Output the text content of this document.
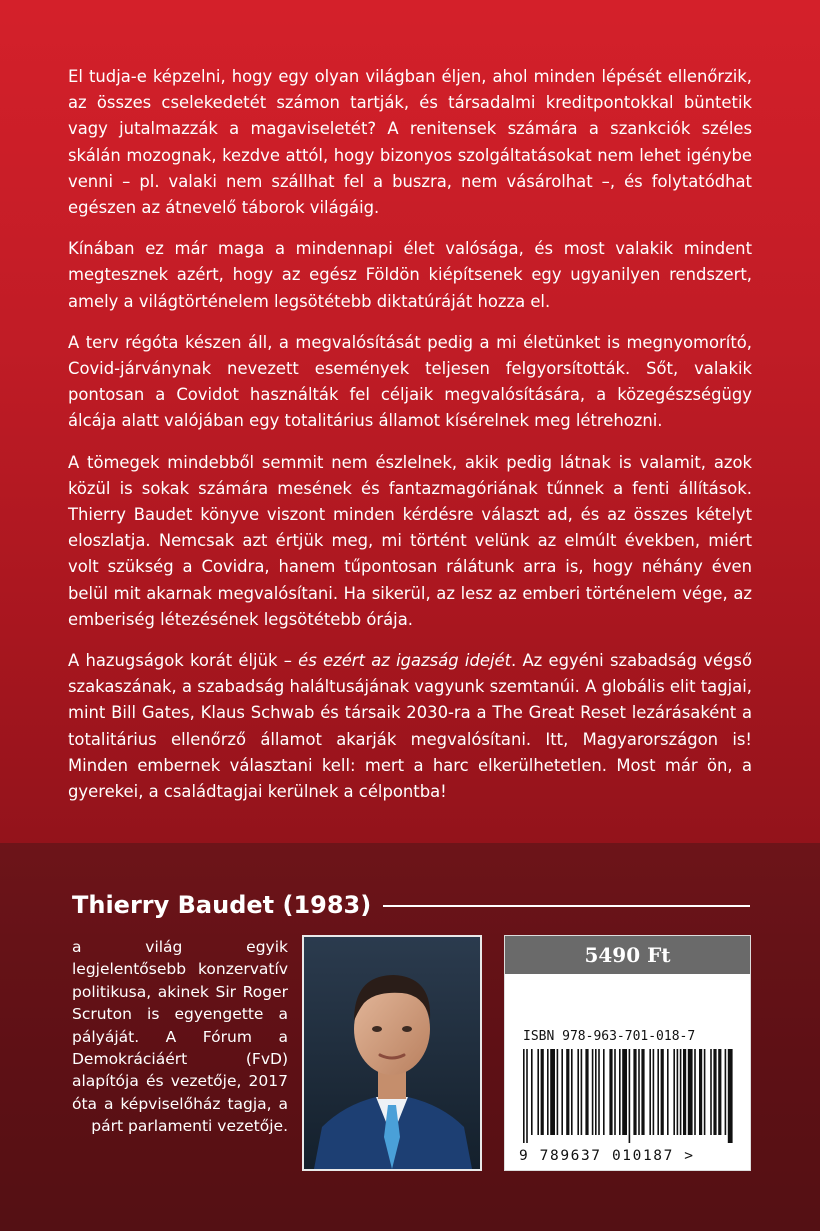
El tudja-e képzelni, hogy egy olyan világban éljen, ahol minden lépését ellenőrzik, az összes cselekedetét számon tartják, és társadalmi kreditpontokkal büntetik vagy jutalmazzák a magaviseletét? A renitensek számára a szankciók széles skálán mozognak, kezdve attól, hogy bizonyos szolgáltatásokat nem lehet igénybe venni – pl. valaki nem szállhat fel a buszra, nem vásárolhat –, és folytatódhat egészen az átnevelő táborok világáig.

Kínában ez már maga a mindennapi élet valósága, és most valakik mindent megtesznek azért, hogy az egész Földön kiépítsenek egy ugyanilyen rendszert, amely a világtörténelem legsötétebb diktatúráját hozza el.

A terv régóta készen áll, a megvalósítását pedig a mi életünket is megnyomorító, Covid-járványnak nevezett események teljesen felgyorsították. Sőt, valakik pontosan a Covidot használták fel céljaik megvalósítására, a közegészségügy álcája alatt valójában egy totalitárius államot kísérelnek meg létrehozni.

A tömegek mindebből semmit nem észlelnek, akik pedig látnak is valamit, azok közül is sokak számára mesének és fantazmagóriának tűnnek a fenti állítások. Thierry Baudet könyve viszont minden kérdésre választ ad, és az összes kételyt eloszlatja. Nemcsak azt értjük meg, mi történt velünk az elmúlt években, miért volt szükség a Covidra, hanem tűpontosan rálátunk arra is, hogy néhány éven belül mit akarnak megvalósítani. Ha sikerül, az lesz az emberi történelem vége, az emberiség létezésének legsötétebb órája.

A hazugságok korát éljük – és ezért az igazság idejét. Az egyéni szabadság végső szakaszának, a szabadság haláltusájának vagyunk szemtanúi. A globális elit tagjai, mint Bill Gates, Klaus Schwab és társaik 2030-ra a The Great Reset lezárásaként a totalitárius ellenőrző államot akarják megvalósítani. Itt, Magyarországon is! Minden embernek választani kell: mert a harc elkerülhetetlen. Most már ön, a gyerekei, a családtagjai kerülnek a célpontba!

Thierry Baudet (1983)
a világ egyik legjelentősebb konzervatív politikusa, akinek Sir Roger Scruton is egyengette a pályáját. A Fórum a Demokráciáért (FvD) alapítója és vezetője, 2017 óta a képviselőház tagja, a párt parlamenti vezetője.
5490 Ft
ISBN 978-963-701-018-7
9 789637 010187 >
